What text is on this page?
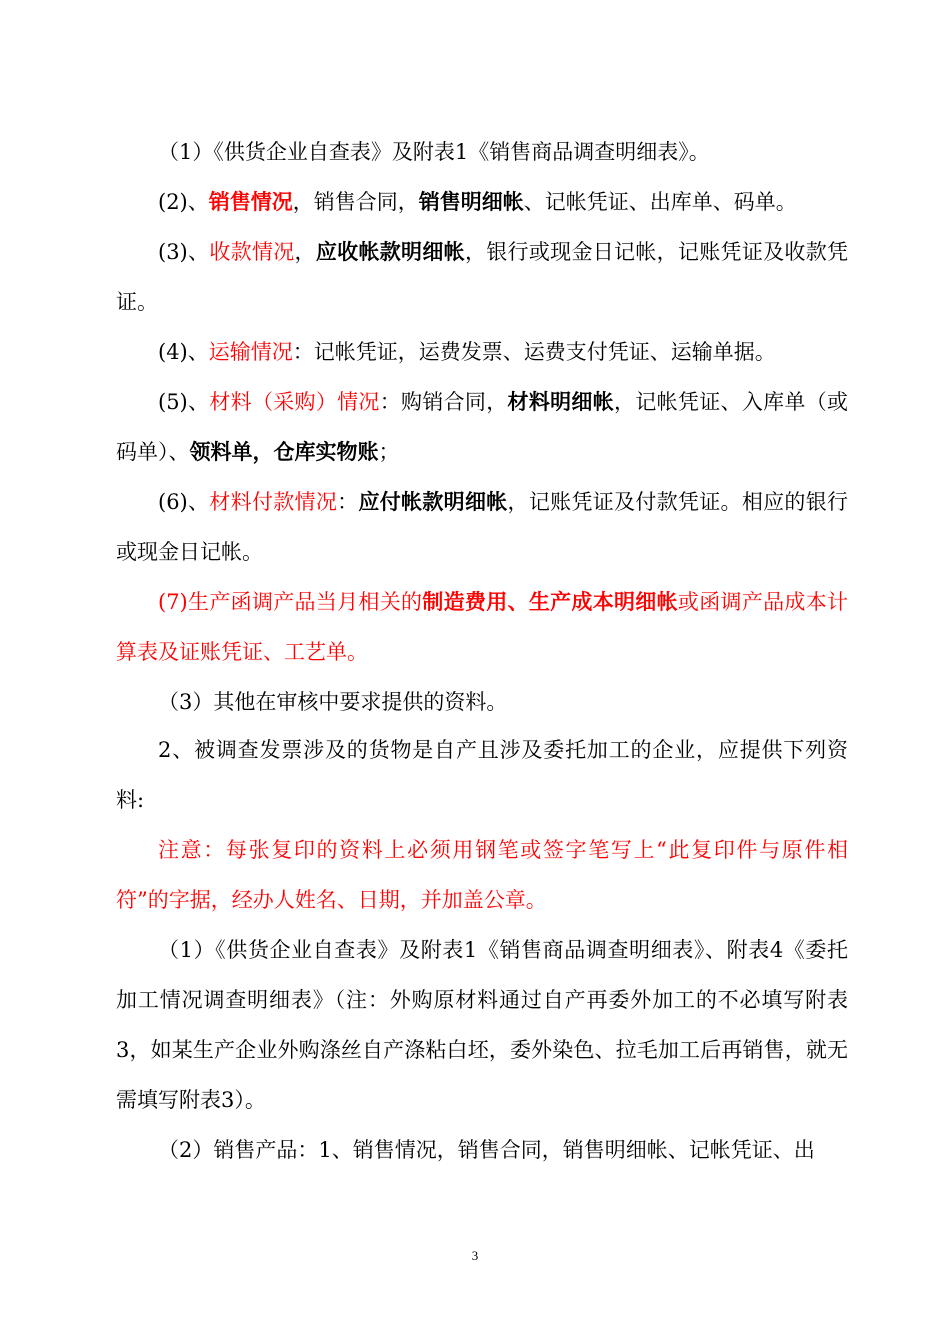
（1）《供货企业自查表》及附表1《销售商品调查明细表》。

(2)、销售情况，销售合同，销售明细帐、记帐凭证、出库单、码单。

(3)、收款情况，应收帐款明细帐，银行或现金日记帐，记账凭证及收款凭证。

(4)、运输情况：记帐凭证，运费发票、运费支付凭证、运输单据。

(5)、材料（采购）情况：购销合同，材料明细帐，记帐凭证、入库单（或码单）、领料单，仓库实物账；

(6)、材料付款情况：应付帐款明细帐，记账凭证及付款凭证。相应的银行或现金日记帐。

(7)生产函调产品当月相关的制造费用、生产成本明细帐或函调产品成本计算表及证账凭证、工艺单。

（3）其他在审核中要求提供的资料。

2、被调查发票涉及的货物是自产且涉及委托加工的企业，应提供下列资料:

注意：每张复印的资料上必须用钢笔或签字笔写上“此复印件与原件相符”的字据，经办人姓名、日期，并加盖公章。

（1）《供货企业自查表》及附表1《销售商品调查明细表》、附表4《委托加工情况调查明细表》（注：外购原材料通过自产再委外加工的不必填写附表3，如某生产企业外购涤丝自产涤粘白坯，委外染色、拉毛加工后再销售，就无需填写附表3）。

（2）销售产品：1、销售情况，销售合同，销售明细帐、记帐凭证、出

3
